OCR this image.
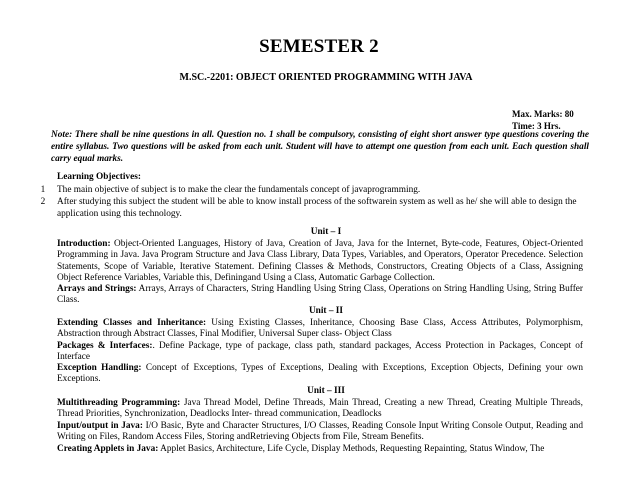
SEMESTER 2
M.SC.-2201: OBJECT ORIENTED PROGRAMMING WITH JAVA
Max. Marks: 80
Time: 3 Hrs.
Note: There shall be nine questions in all. Question no. 1 shall be compulsory, consisting of eight short answer type questions covering the entire syllabus. Two questions will be asked from each unit. Student will have to attempt one question from each unit. Each question shall carry equal marks.
Learning Objectives:
1	The main objective of subject is to make the clear the fundamentals concept of javaprogramming.
2	After studying this subject the student will be able to know install process of the softwarein system as well as he/ she will able to design the application using this technology.
Unit – I
Introduction: Object-Oriented Languages, History of Java, Creation of Java, Java for the Internet, Byte-code, Features, Object-Oriented Programming in Java. Java Program Structure and Java Class Library, Data Types, Variables, and Operators, Operator Precedence. Selection Statements, Scope of Variable, Iterative Statement. Defining Classes & Methods, Constructors, Creating Objects of a Class, Assigning Object Reference Variables, Variable this, Definingand Using a Class, Automatic Garbage Collection.
Arrays and Strings: Arrays, Arrays of Characters, String Handling Using String Class, Operations on String Handling Using, String Buffer Class.
Unit – II
Extending Classes and Inheritance: Using Existing Classes, Inheritance, Choosing Base Class, Access Attributes, Polymorphism, Abstraction through Abstract Classes, Final Modifier, Universal Super class- Object Class
Packages & Interfaces:. Define Package, type of package, class path, standard packages, Access Protection in Packages, Concept of Interface
Exception Handling: Concept of Exceptions, Types of Exceptions, Dealing with Exceptions, Exception Objects, Defining your own Exceptions.
Unit – III
Multithreading Programming: Java Thread Model, Define Threads, Main Thread, Creating a new Thread, Creating Multiple Threads, Thread Priorities, Synchronization, Deadlocks Inter- thread communication, Deadlocks
Input/output in Java: I/O Basic, Byte and Character Structures, I/O Classes, Reading Console Input Writing Console Output, Reading and Writing on Files, Random Access Files, Storing andRetrieving Objects from File, Stream Benefits.
Creating Applets in Java: Applet Basics, Architecture, Life Cycle, Display Methods, Requesting Repainting, Status Window, The
